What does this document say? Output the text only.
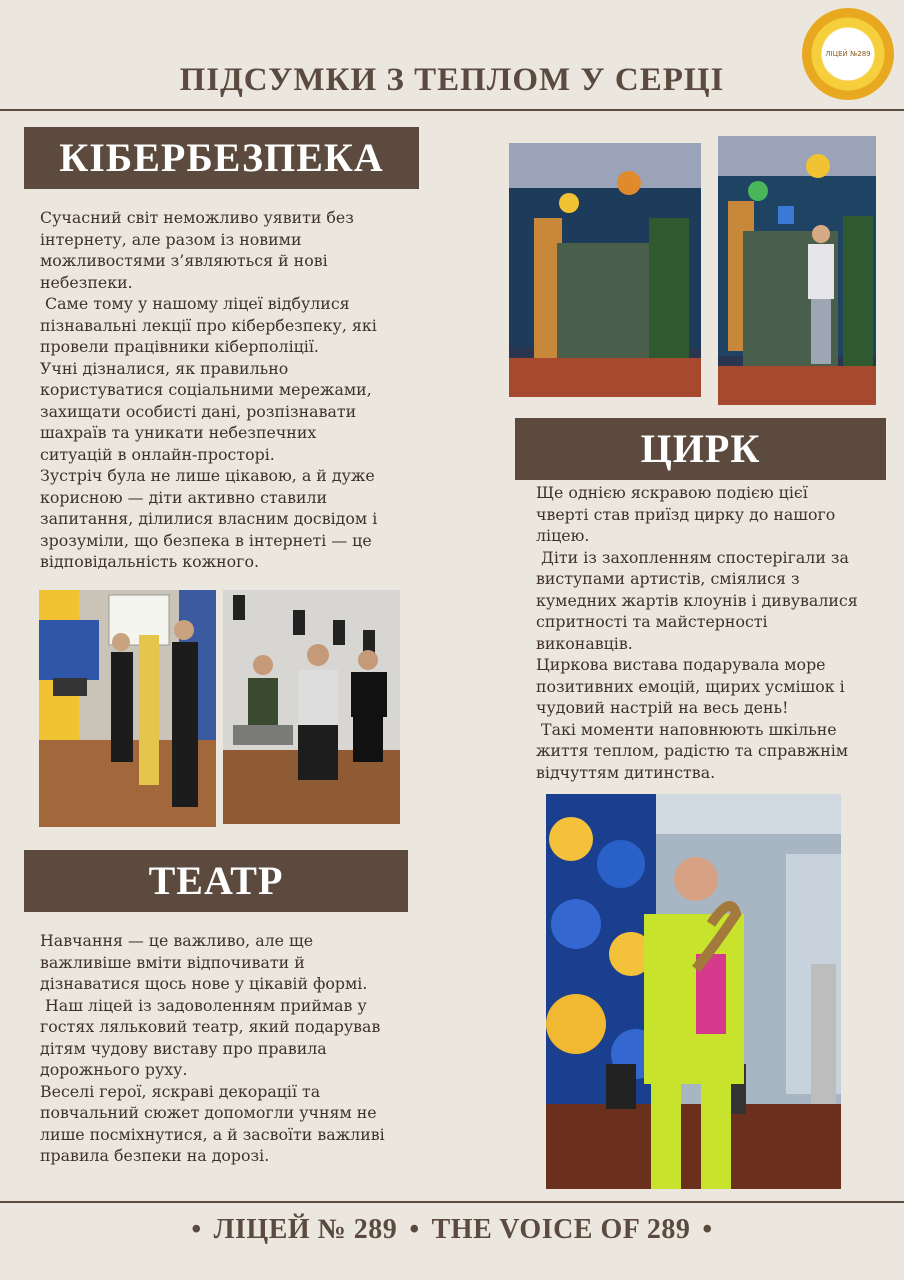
ПІДСУМКИ З ТЕПЛОМ У СЕРЦІ
ЛІЦЕЙ №289
КІБЕРБЕЗПЕКА
Сучасний світ неможливо уявити без
інтернету, але разом із новими
можливостями з’являються й нові
небезпеки.
Саме тому у нашому ліцеї відбулися
пізнавальні лекції про кібербезпеку, які
провели працівники кіберполіції.
Учні дізналися, як правильно
користуватися соціальними мережами,
захищати особисті дані, розпізнавати
шахраїв та уникати небезпечних
ситуацій в онлайн-просторі.
Зустріч була не лише цікавою, а й дуже
корисною — діти активно ставили
запитання, ділилися власним досвідом і
зрозуміли, що безпека в інтернеті — це
відповідальність кожного.
ТЕАТР
Навчання — це важливо, але ще
важливіше вміти відпочивати й
дізнаватися щось нове у цікавій формі.
Наш ліцей із задоволенням приймав у
гостях ляльковий театр, який подарував
дітям чудову виставу про правила
дорожнього руху.
Веселі герої, яскраві декорації та
повчальний сюжет допомогли учням не
лише посміхнутися, а й засвоїти важливі
правила безпеки на дорозі.
ЦИРК
Ще однією яскравою подією цієї
чверті став приїзд цирку до нашого
ліцею.
Діти із захопленням спостерігали за
виступами артистів, сміялися з
кумедних жартів клоунів і дивувалися
спритності та майстерності
виконавців.
Циркова вистава подарувала море
позитивних емоцій, щирих усмішок і
чудовий настрій на весь день!
Такі моменти наповнюють шкільне
життя теплом, радістю та справжнім
відчуттям дитинства.
• ЛІЦЕЙ № 289 • THE VOICE OF 289 •
